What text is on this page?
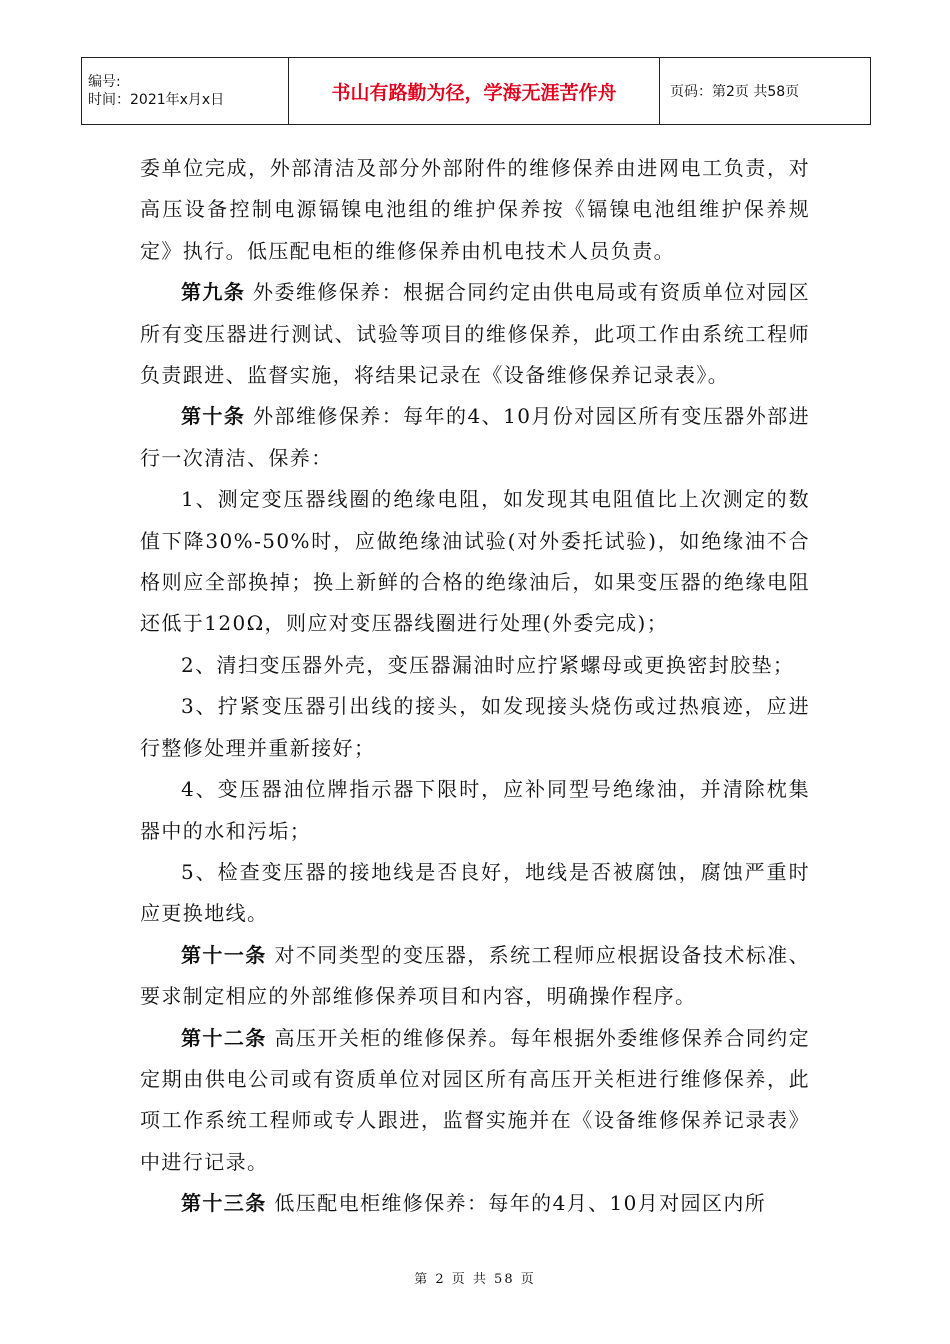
编号:
时间：2021年x月x日	书山有路勤为径，学海无涯苦作舟	页码：第2页 共58页

委单位完成，外部清洁及部分外部附件的维修保养由进网电工负责，对高压设备控制电源镉镍电池组的维护保养按《镉镍电池组维护保养规定》执行。低压配电柜的维修保养由机电技术人员负责。

第九条 外委维修保养：根据合同约定由供电局或有资质单位对园区所有变压器进行测试、试验等项目的维修保养，此项工作由系统工程师负责跟进、监督实施，将结果记录在《设备维修保养记录表》。

第十条 外部维修保养：每年的4、10月份对园区所有变压器外部进行一次清洁、保养：

1、测定变压器线圈的绝缘电阻，如发现其电阻值比上次测定的数值下降30%-50%时，应做绝缘油试验(对外委托试验)，如绝缘油不合格则应全部换掉；换上新鲜的合格的绝缘油后，如果变压器的绝缘电阻还低于120Ω，则应对变压器线圈进行处理(外委完成)；

2、清扫变压器外壳，变压器漏油时应拧紧螺母或更换密封胶垫；

3、拧紧变压器引出线的接头，如发现接头烧伤或过热痕迹，应进行整修处理并重新接好；

4、变压器油位牌指示器下限时，应补同型号绝缘油，并清除枕集器中的水和污垢；

5、检查变压器的接地线是否良好，地线是否被腐蚀，腐蚀严重时应更换地线。

第十一条 对不同类型的变压器，系统工程师应根据设备技术标准、要求制定相应的外部维修保养项目和内容，明确操作程序。

第十二条 高压开关柜的维修保养。每年根据外委维修保养合同约定定期由供电公司或有资质单位对园区所有高压开关柜进行维修保养，此项工作系统工程师或专人跟进，监督实施并在《设备维修保养记录表》中进行记录。

第十三条 低压配电柜维修保养：每年的4月、10月对园区内所

第 2 页 共 58 页
